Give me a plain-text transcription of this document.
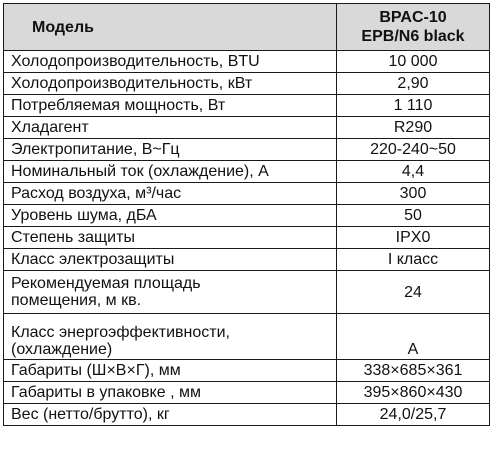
Модель	BPAC-10
EPB/N6 black
Холодопроизводительность, BTU	10 000
Холодопроизводительность, кВт	2,90
Потребляемая мощность, Вт	1 110
Хладагент	R290
Электропитание, В~Гц	220-240~50
Номинальный ток (охлаждение), А	4,4
Расход воздуха, м³/час	300
Уровень шума, дБА	50
Степень защиты	IPX0
Класс электрозащиты	I класс
Рекомендуемая площадь
помещения, м кв.	24
Класс энергоэффективности,
(охлаждение)	A
Габариты (Ш×В×Г), мм	338×685×361
Габариты в упаковке , мм	395×860×430
Вес (нетто/брутто), кг	24,0/25,7
